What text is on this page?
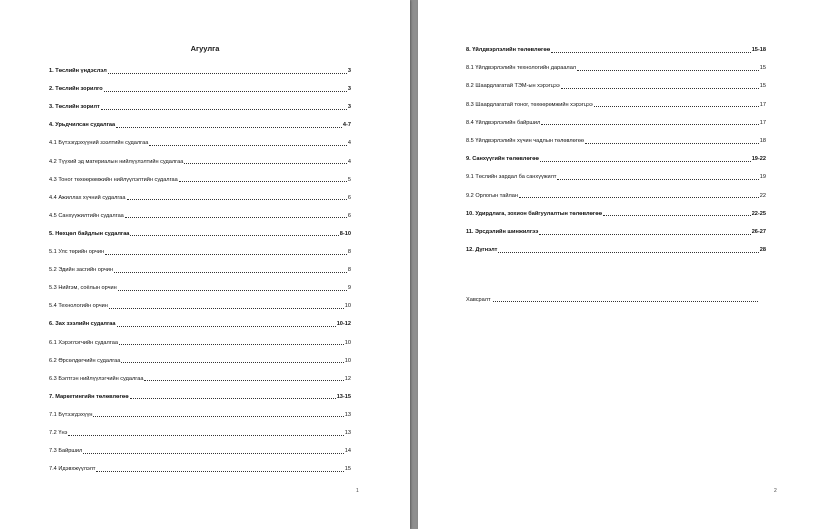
Агуулга
1. Төслийн үндэслэл	3
2. Төслийн зорилго	3
3. Төслийн зорилт	3
4. Урьдчилсан судалгаа	4-7
4.1 Бүтээгдэхүүний зээлтийн судалгаа	4
4.2 Түүхий эд материалын нийлүүлэлтийн судалгаа	4
4.3 Тоног төхөөрөмжийн нийлүүлэлтийн судалгаа	5
4.4 Ажиллах хүчний судалгаа	6
4.5 Санхүүжилтийн судалгаа	6
5. Нөхцөл байдлын судалгаа	8-10
5.1 Улс төрийн орчин	8
5.2 Эдийн засгийн орчин	8
5.3 Нийгэм, соёлын орчин	9
5.4 Технологийн орчин	10
6. Зах зээлийн судалгаа	10-12
6.1 Хэрэглэгчийн судалгаа	10
6.2 Өрсөлдөгчийн судалгаа	10
6.3 Бэлтгэн нийлүүлэгчийн судалгаа	12
7. Маркетингийн төлөвлөгөө	13-15
7.1 Бүтээгдэхүүн	13
7.2 Үнэ	13
7.3 Байршил	14
7.4 Идэвхжүүлэлт	15
1
8. Үйлдвэрлэлийн төлөвлөгөө	15-18
8.1 Үйлдвэрлэлийн технологийн дараалал	15
8.2 Шаардлагатай ТЭМ-ын хэрэгцээ	15
8.3 Шаардлагатай тоног, төхөөрөмжийн хэрэгцээ	17
8.4 Үйлдвэрлэлийн байршил	17
8.5 Үйлдвэрлэлийн хүчин чадлын төлөвлөгөө	18
9. Санхүүгийн төлөвлөгөө	19-22
9.1 Төслийн зардал ба санхүүжилт	19
9.2 Орлогын тайлан	22
10. Удирдлага, зохион байгуулалтын төлөвлөгөө	22-25
11. Эрсдэлийн шинжилгээ	26-27
12. Дүгнэлт	28
Хавсралт
2
